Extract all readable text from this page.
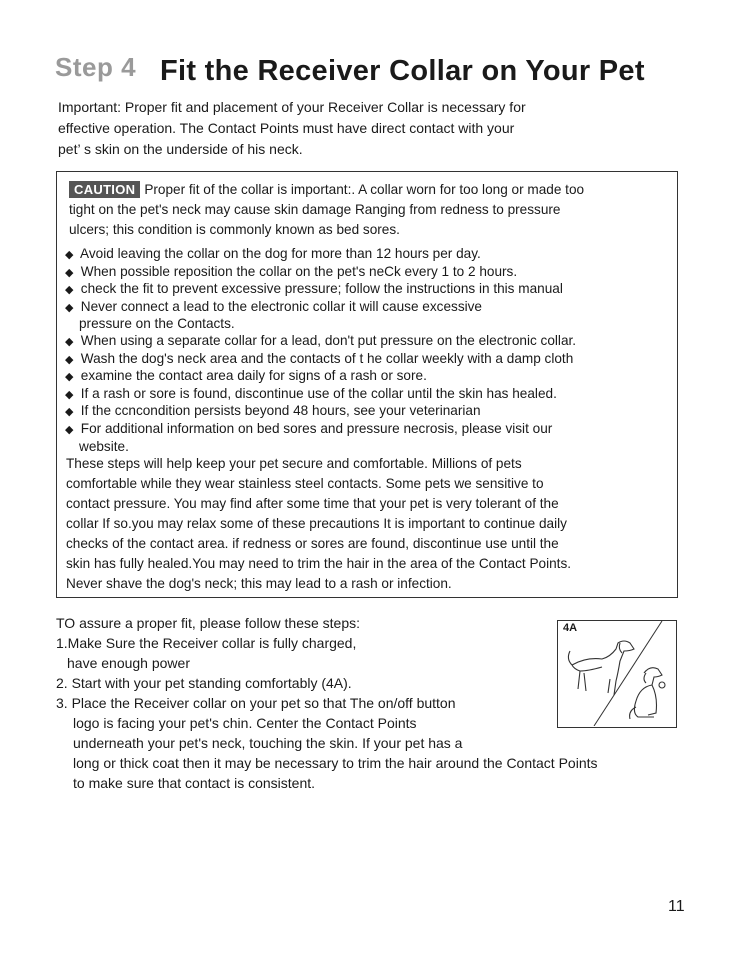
Step 4 Fit the Receiver Collar on Your Pet

Important: Proper fit and placement of your Receiver Collar is necessary for

effective operation. The Contact Points must have direct contact with your

pet’ s skin on the underside of his neck.

CAUTION Proper fit of the collar is important:. A collar worn for too long or made too

tight on the pet's neck may cause skin damage Ranging from redness to pressure

ulcers; this condition is commonly known as bed sores.

◆ Avoid leaving the collar on the dog for more than 12 hours per day.
◆ When possible reposition the collar on the pet's neCk every 1 to 2 hours.
◆ check the fit to prevent excessive pressure; follow the instructions in this manual
◆ Never connect a lead to the electronic collar it will cause excessive
pressure on the Contacts.
◆ When using a separate collar for a lead, don't put pressure on the electronic collar.
◆ Wash the dog's neck area and the contacts of t he collar weekly with a damp cloth
◆ examine the contact area daily for signs of a rash or sore.
◆ If a rash or sore is found, discontinue use of the collar until the skin has healed.
◆ If the ccncondition persists beyond 48 hours, see your veterinarian
◆ For additional information on bed sores and pressure necrosis, please visit our
website.

These steps will help keep your pet secure and comfortable. Millions of pets

comfortable while they wear stainless steel contacts. Some pets we sensitive to

contact pressure. You may find after some time that your pet is very tolerant of the

collar If so.you may relax some of these precautions It is important to continue daily

checks of the contact area. if redness or sores are found, discontinue use until the

skin has fully healed.You may need to trim the hair in the area of the Contact Points.

Never shave the dog's neck; this may lead to a rash or infection.

TO assure a proper fit, please follow these steps:

1.Make Sure the Receiver collar is fully charged,

have enough power

2. Start with your pet standing comfortably (4A).

3. Place the Receiver collar on your pet so that The on/off button

logo is facing your pet's chin. Center the Contact Points

underneath your pet's neck, touching the skin. If your pet has a

long or thick coat then it may be necessary to trim the hair around the Contact Points

to make sure that contact is consistent.

4A
11
